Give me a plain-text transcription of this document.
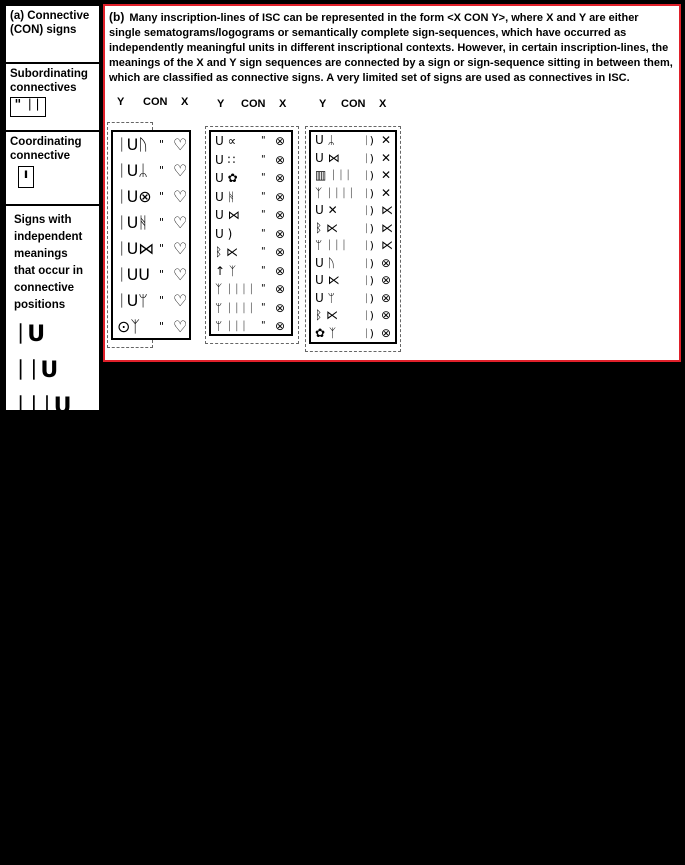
(a) Connective (CON) signs
Subordinating connectives
" ᛁᛁ
Coordinating connective
ı
Signs with independent meanings that occur in connective positions
ᛁU
ᛁᛁU
ᛁᛁᛁU
⟋
(b) Many inscription-lines of ISC can be represented in the form <X CON Y>, where X and Y are either single sematograms/logograms or semantically complete sign-sequences, which have occurred as independently meaningful units in different inscriptional contexts. However, in certain inscription-lines, the meanings of the X and Y sign sequences are connected by a sign or sign-sequence sitting in between them, which are classified as connective signs. A very limited set of signs are used as connectives in ISC.
Y CON X
ᛁUᚢ
ᛁUᛦ
ᛁU⊗
ᛁUᚻ
ᛁU⋈
ᛁUU
ᛁUᛘ
⊙ᛉ
"
"
"
"
"
"
"
"
♡
♡
♡
♡
♡
♡
♡
♡
Y CON X
U ∝
U ∷
U ✿
U ᚻ
U ⋈
U )
ᛒ ⋉
↑ ᛉ
ᛉ ᛁᛁᛁᛁ
ᛘ ᛁᛁᛁᛁ
ᛘ ᛁᛁᛁ
"
"
"
"
"
"
"
"
"
"
"
⊗
⊗
⊗
⊗
⊗
⊗
⊗
⊗
⊗
⊗
⊗
Y CON X
U ᛦ
U ⋈
▥ ᛁᛁᛁ
ᛉ ᛁᛁᛁᛁ
U ✕
ᛒ ⋉
ᛘ ᛁᛁᛁ
U ᚢ
U ⋉
U ᛘ
ᛒ ⋉
✿ ᛉ
ᛁ)
ᛁ)
ᛁ)
ᛁ)
ᛁ)
ᛁ)
ᛁ)
ᛁ)
ᛁ)
ᛁ)
ᛁ)
ᛁ)
✕
✕
✕
✕
⋉
⋉
⋉
⊗
⊗
⊗
⊗
⊗
